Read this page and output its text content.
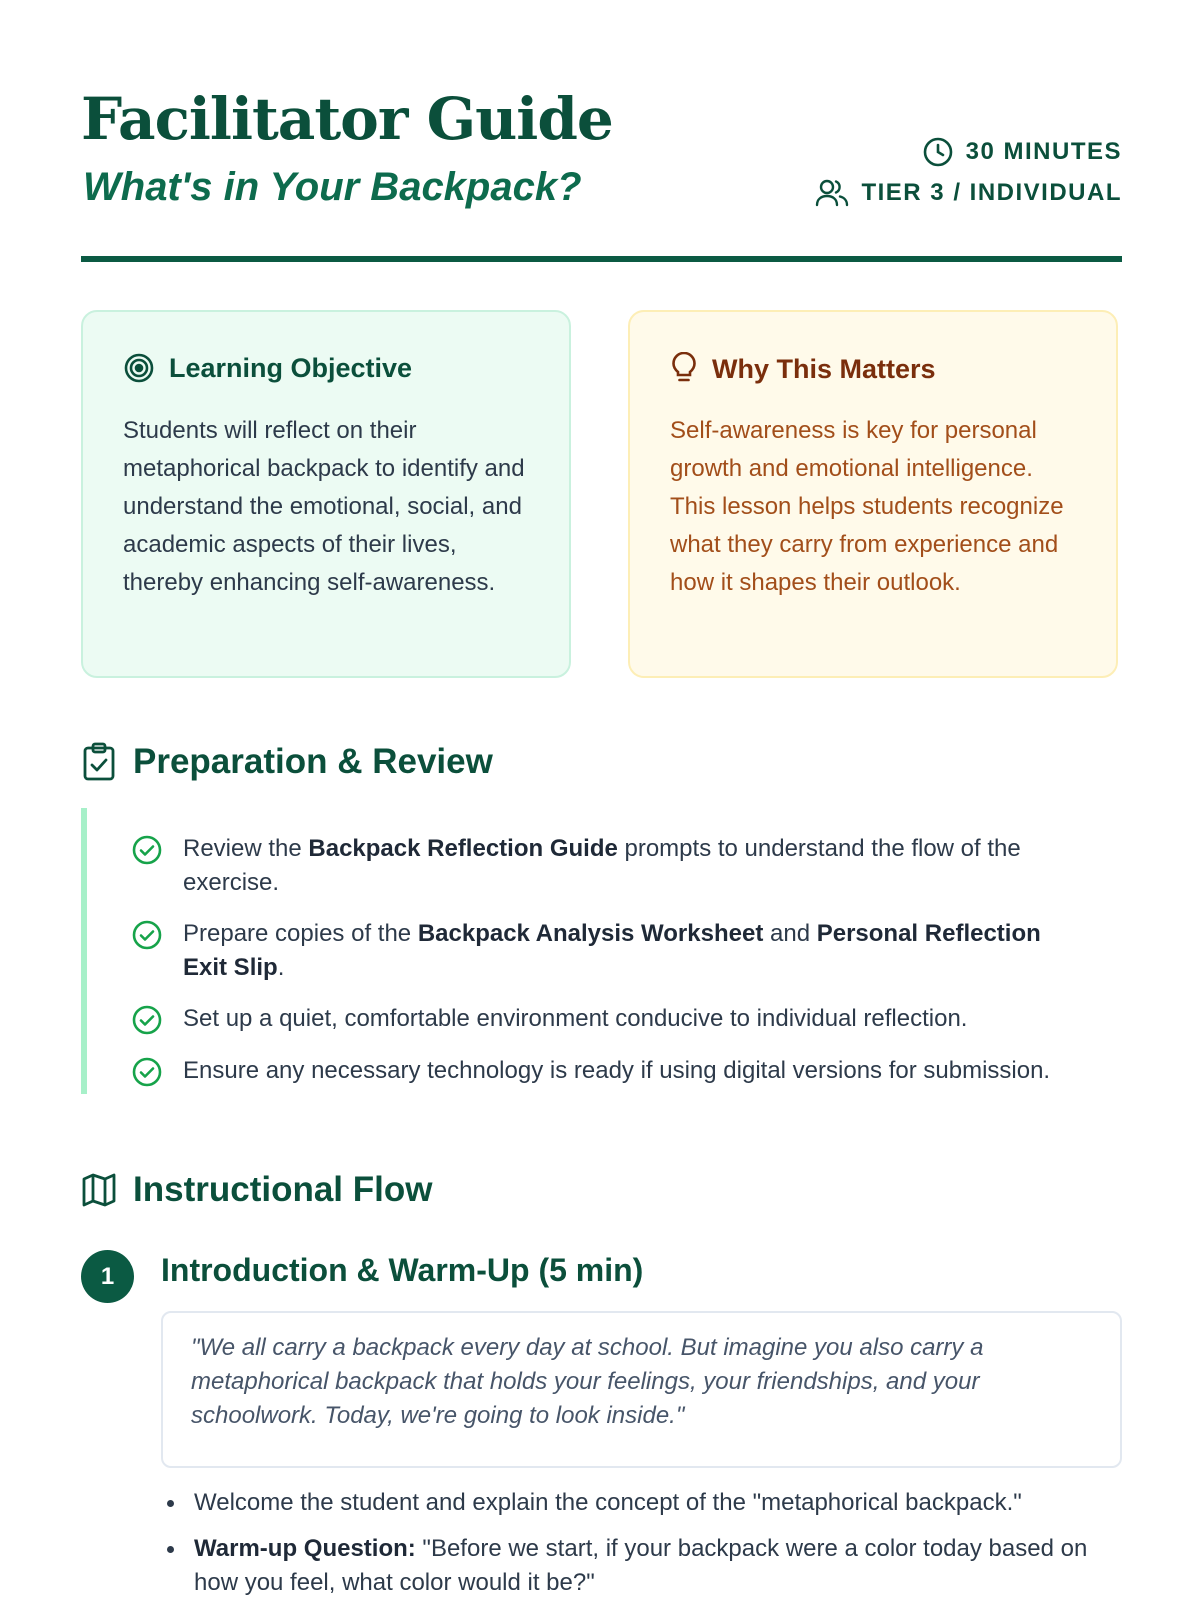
Facilitator Guide
What's in Your Backpack?
30 MINUTES
TIER 3 / INDIVIDUAL
Learning Objective
Students will reflect on their metaphorical backpack to identify and understand the emotional, social, and academic aspects of their lives, thereby enhancing self-awareness.
Why This Matters
Self-awareness is key for personal growth and emotional intelligence. This lesson helps students recognize what they carry from experience and how it shapes their outlook.
Preparation & Review
Review the Backpack Reflection Guide prompts to understand the flow of the exercise.
Prepare copies of the Backpack Analysis Worksheet and Personal Reflection Exit Slip.
Set up a quiet, comfortable environment conducive to individual reflection.
Ensure any necessary technology is ready if using digital versions for submission.
Instructional Flow
1	Introduction & Warm-Up (5 min)
"We all carry a backpack every day at school. But imagine you also carry a metaphorical backpack that holds your feelings, your friendships, and your schoolwork. Today, we're going to look inside."
Welcome the student and explain the concept of the "metaphorical backpack."
Warm-up Question: "Before we start, if your backpack were a color today based on how you feel, what color would it be?"
